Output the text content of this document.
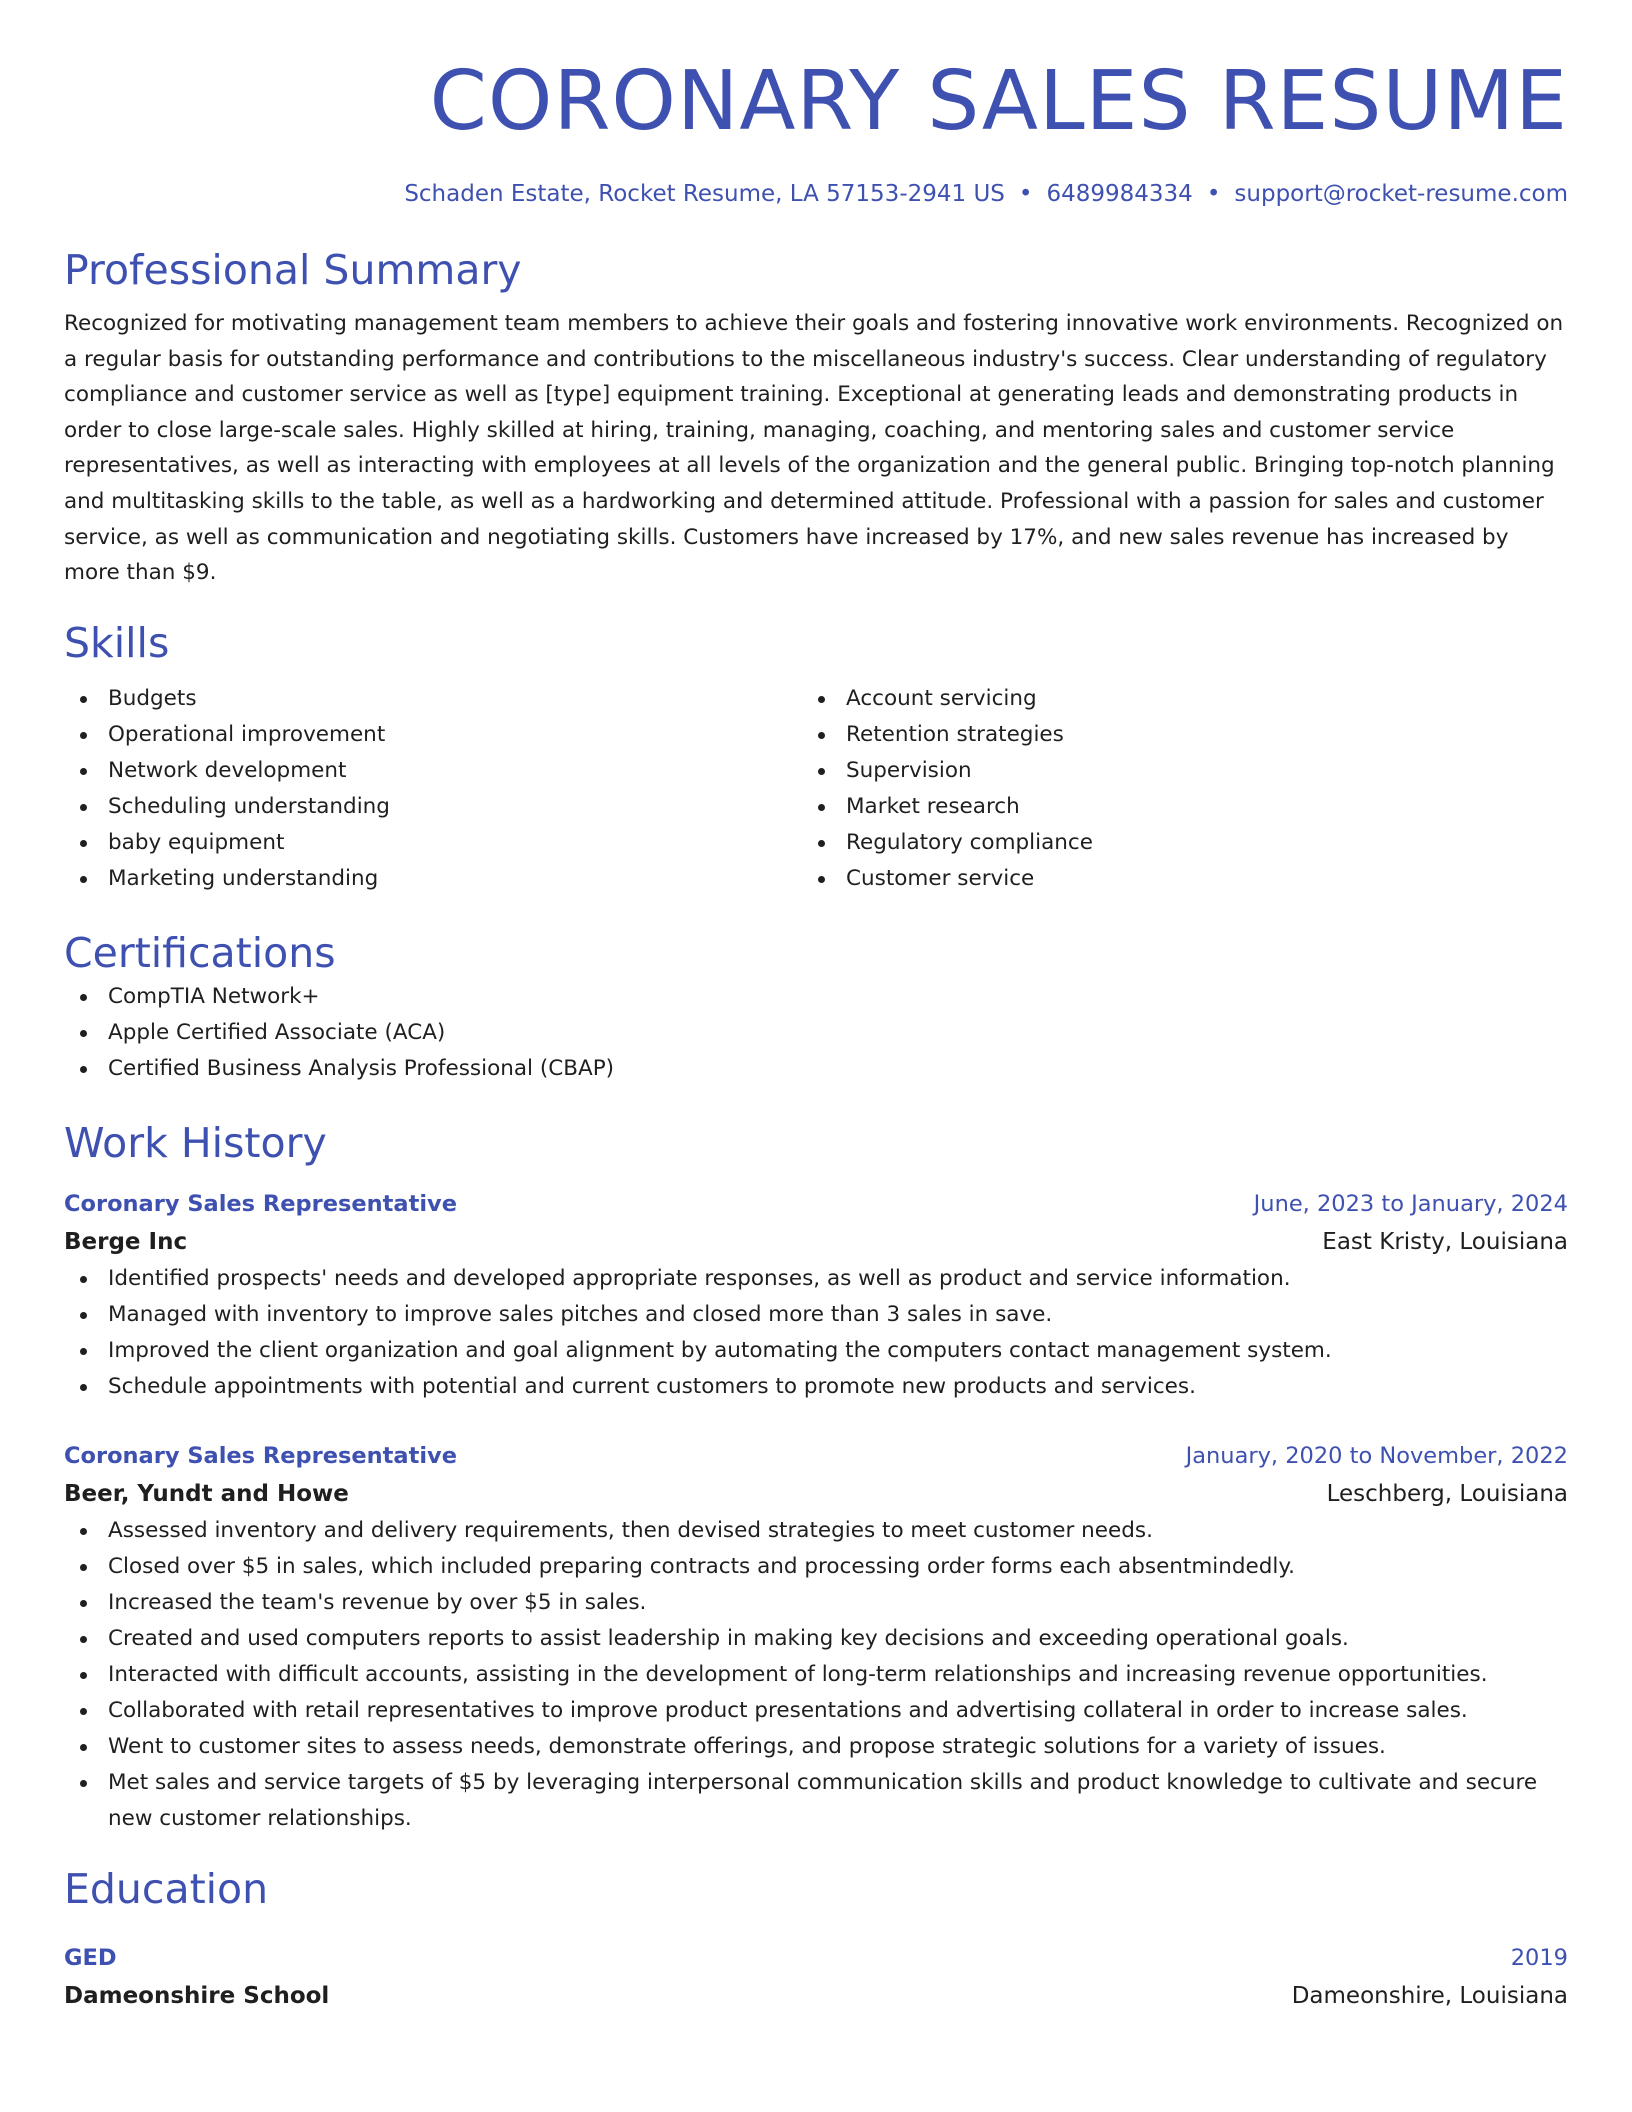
CORONARY SALES RESUME
Schaden Estate, Rocket Resume, LA 57153-2941 US • 6489984334 • support@rocket-resume.com
Professional Summary

Recognized for motivating management team members to achieve their goals and fostering innovative work environments. Recognized on a regular basis for outstanding performance and contributions to the miscellaneous industry's success. Clear understanding of regulatory compliance and customer service as well as [type] equipment training. Exceptional at generating leads and demonstrating products in order to close large-scale sales. Highly skilled at hiring, training, managing, coaching, and mentoring sales and customer service representatives, as well as interacting with employees at all levels of the organization and the general public. Bringing top-notch planning and multitasking skills to the table, as well as a hardworking and determined attitude. Professional with a passion for sales and customer service, as well as communication and negotiating skills. Customers have increased by 17%, and new sales revenue has increased by more than $9.

Skills
Budgets
Operational improvement
Network development
Scheduling understanding
baby equipment
Marketing understanding
Account servicing
Retention strategies
Supervision
Market research
Regulatory compliance
Customer service
Certifications
CompTIA Network+
Apple Certified Associate (ACA)
Certified Business Analysis Professional (CBAP)
Work History
Coronary Sales Representative	June, 2023 to January, 2024
Berge Inc	East Kristy, Louisiana
Identified prospects' needs and developed appropriate responses, as well as product and service information.
Managed with inventory to improve sales pitches and closed more than 3 sales in save.
Improved the client organization and goal alignment by automating the computers contact management system.
Schedule appointments with potential and current customers to promote new products and services.
Coronary Sales Representative	January, 2020 to November, 2022
Beer, Yundt and Howe	Leschberg, Louisiana
Assessed inventory and delivery requirements, then devised strategies to meet customer needs.
Closed over $5 in sales, which included preparing contracts and processing order forms each absentmindedly.
Increased the team's revenue by over $5 in sales.
Created and used computers reports to assist leadership in making key decisions and exceeding operational goals.
Interacted with difficult accounts, assisting in the development of long-term relationships and increasing revenue opportunities.
Collaborated with retail representatives to improve product presentations and advertising collateral in order to increase sales.
Went to customer sites to assess needs, demonstrate offerings, and propose strategic solutions for a variety of issues.
Met sales and service targets of $5 by leveraging interpersonal communication skills and product knowledge to cultivate and secure new customer relationships.
Education
GED	2019
Dameonshire School	Dameonshire, Louisiana
